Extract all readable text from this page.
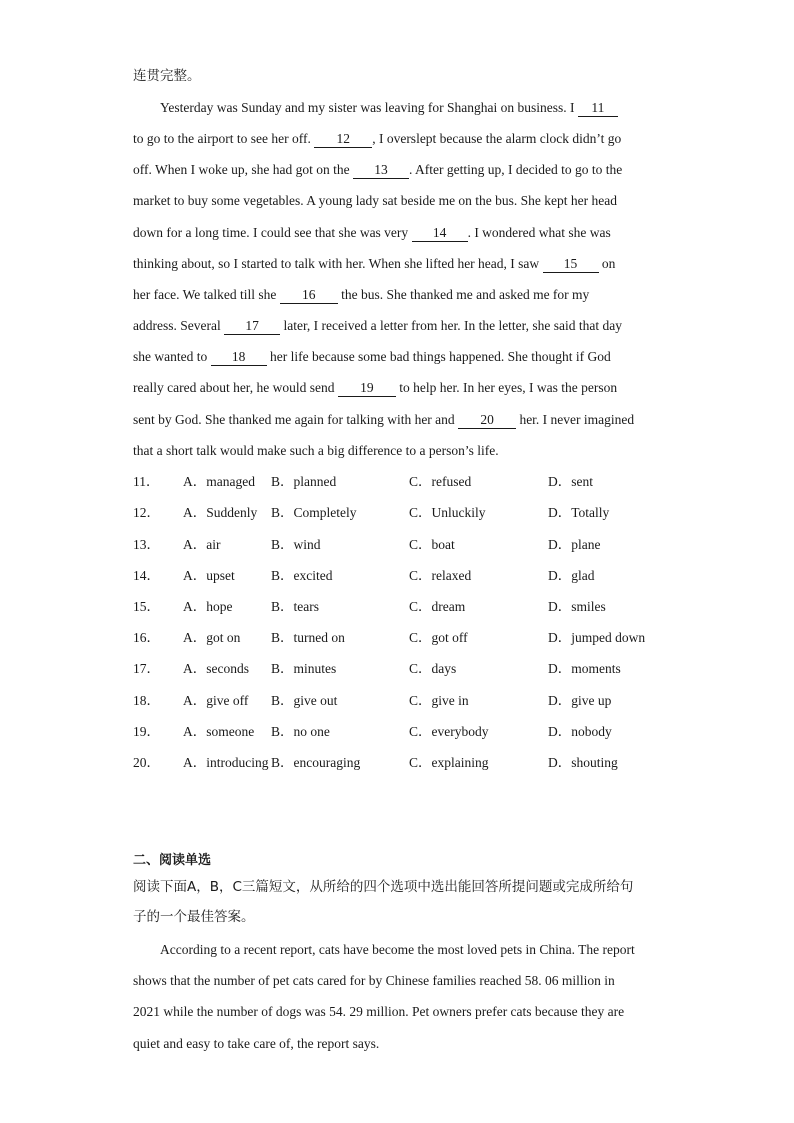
连贯完整。
Yesterday was Sunday and my sister was leaving for Shanghai on business. I 11
to go to the airport to see her off. 12 , I overslept because the alarm clock didn’t go
off. When I woke up, she had got on the 13 . After getting up, I decided to go to the
market to buy some vegetables. A young lady sat beside me on the bus. She kept her head
down for a long time. I could see that she was very 14 . I wondered what she was
thinking about, so I started to talk with her. When she lifted her head, I saw 15 on
her face. We talked till she 16 the bus. She thanked me and asked me for my
address. Several 17 later, I received a letter from her. In the letter, she said that day
she wanted to 18 her life because some bad things happened. She thought if God
really cared about her, he would send 19 to help her. In her eyes, I was the person
sent by God. She thanked me again for talking with her and 20 her. I never imagined
that a short talk would make such a big difference to a person’s life.
11． A．managed B．planned	C．refused	D．sent
12． A．Suddenly B．Completely	C．Unluckily	D．Totally
13． A．air	B．wind	C．boat	D．plane
14． A．upset	B．excited	C．relaxed	D．glad
15． A．hope	B．tears	C．dream	D．smiles
16． A．got on B．turned on	C．got off	D．jumped down
17． A．seconds B．minutes	C．days	D．moments
18． A．give off B．give out	C．give in	D．give up
19． A．someone B．no one	C．everybody	D．nobody
20． A．introducing B．encouraging	C．explaining	D．shouting
二、阅读单选
阅读下面A，B，C三篇短文，从所给的四个选项中选出能回答所提问题或完成所给句
子的一个最佳答案。
According to a recent report, cats have become the most loved pets in China. The report
shows that the number of pet cats cared for by Chinese families reached 58. 06 million in
2021 while the number of dogs was 54. 29 million. Pet owners prefer cats because they are
quiet and easy to take care of, the report says.
